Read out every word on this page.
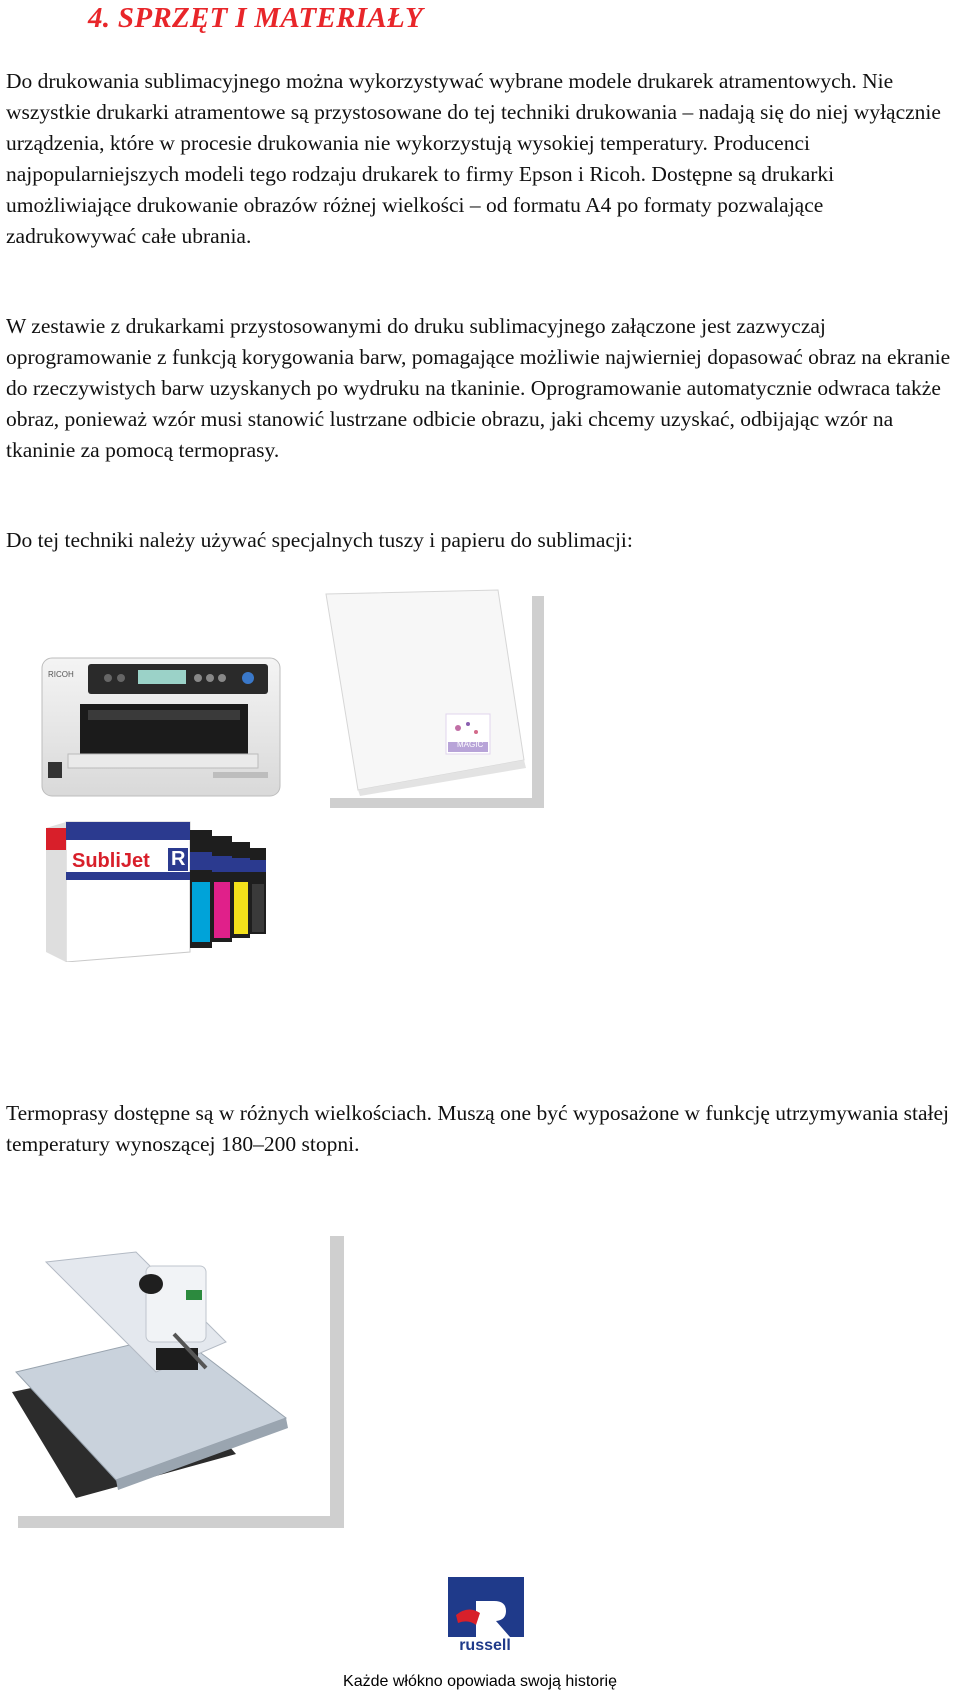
4. SPRZĘT I MATERIAŁY

Do drukowania sublimacyjnego można wykorzystywać wybrane modele drukarek atramentowych. Nie wszystkie drukarki atramentowe są przystosowane do tej techniki drukowania – nadają się do niej wyłącznie urządzenia, które w procesie drukowania nie wykorzystują wysokiej temperatury. Producenci najpopularniejszych modeli tego rodzaju drukarek to firmy Epson i Ricoh. Dostępne są drukarki umożliwiające drukowanie obrazów różnej wielkości – od formatu A4 po formaty pozwalające zadrukowywać całe ubrania.

W zestawie z drukarkami przystosowanymi do druku sublimacyjnego załączone jest zazwyczaj oprogramowanie z funkcją korygowania barw, pomagające możliwie najwierniej dopasować obraz na ekranie do rzeczywistych barw uzyskanych po wydruku na tkaninie. Oprogramowanie automatycznie odwraca także obraz, ponieważ wzór musi stanowić lustrzane odbicie obrazu, jaki chcemy uzyskać, odbijając wzór na tkaninie za pomocą termoprasy.

Do tej techniki należy używać specjalnych tuszy i papieru do sublimacji:

RICOH
MAGIC
SubliJet R

Termoprasy dostępne są w różnych wielkościach. Muszą one być wyposażone w funkcję utrzymywania stałej temperatury wynoszącej 180–200 stopni.

russell
Każde włókno opowiada swoją historię
